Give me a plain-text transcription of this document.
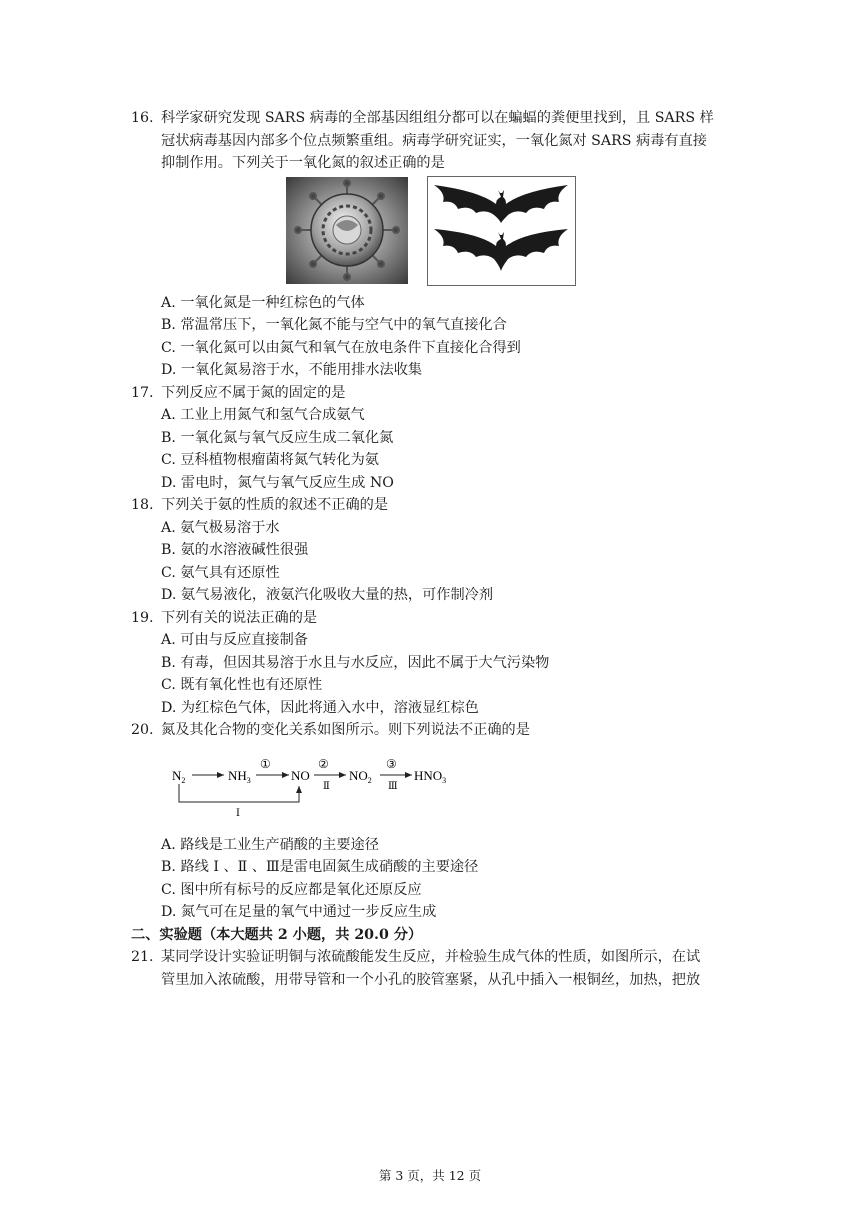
16. 科学家研究发现 SARS 病毒的全部基因组组分都可以在蝙蝠的粪便里找到，且 SARS 样
冠状病毒基因内部多个位点频繁重组。病毒学研究证实，一氧化氮对 SARS 病毒有直接
抑制作用。下列关于一氧化氮的叙述正确的是
A. 一氧化氮是一种红棕色的气体
B. 常温常压下，一氧化氮不能与空气中的氧气直接化合
C. 一氧化氮可以由氮气和氧气在放电条件下直接化合得到
D. 一氧化氮易溶于水，不能用排水法收集
17. 下列反应不属于氮的固定的是
A. 工业上用氮气和氢气合成氨气
B. 一氧化氮与氧气反应生成二氧化氮
C. 豆科植物根瘤菌将氮气转化为氨
D. 雷电时，氮气与氧气反应生成 NO
18. 下列关于氨的性质的叙述不正确的是
A. 氨气极易溶于水
B. 氨的水溶液碱性很强
C. 氨气具有还原性
D. 氨气易液化，液氨汽化吸收大量的热，可作制冷剂
19. 下列有关的说法正确的是
A. 可由与反应直接制备
B. 有毒，但因其易溶于水且与水反应，因此不属于大气污染物
C. 既有氧化性也有还原性
D. 为红棕色气体，因此将通入水中，溶液显红棕色
20. 氮及其化合物的变化关系如图所示。则下列说法不正确的是
$N_2$	$NH_3$
①
NO
②
Ⅱ
$NO_2$
③
Ⅲ
$HNO_3$
Ⅰ
A. 路线是工业生产硝酸的主要途径
B. 路线 Ⅰ 、Ⅱ 、Ⅲ是雷电固氮生成硝酸的主要途径
C. 图中所有标号的反应都是氧化还原反应
D. 氮气可在足量的氧气中通过一步反应生成
二、实验题（本大题共 2 小题，共 20.0 分）
21. 某同学设计实验证明铜与浓硫酸能发生反应，并检验生成气体的性质，如图所示，在试
管里加入浓硫酸，用带导管和一个小孔的胶管塞紧，从孔中插入一根铜丝，加热，把放
第 3 页，共 12 页
